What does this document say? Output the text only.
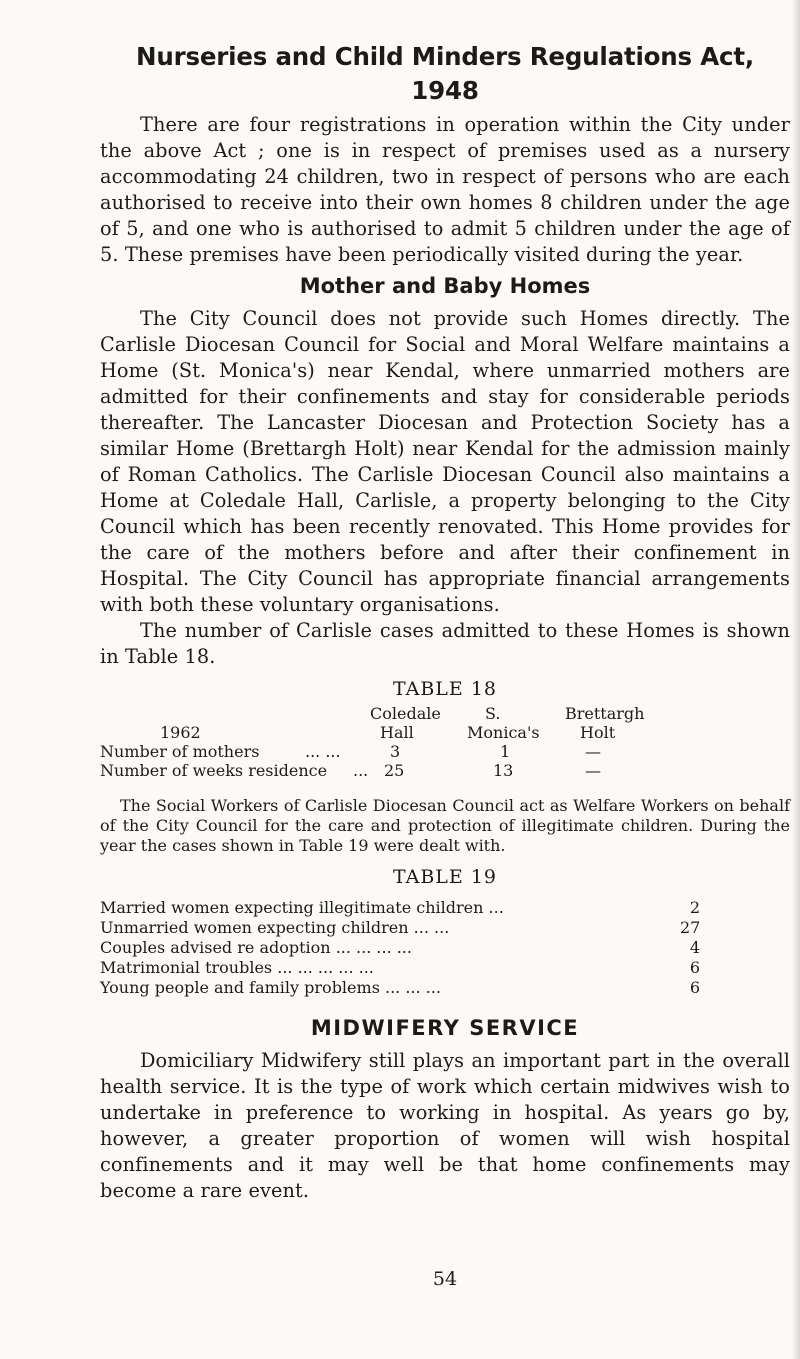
Nurseries and Child Minders Regulations Act, 1948

There are four registrations in operation within the City under the above Act ; one is in respect of premises used as a nursery accommodating 24 children, two in respect of persons who are each authorised to receive into their own homes 8 children under the age of 5, and one who is authorised to admit 5 children under the age of 5. These premises have been periodically visited during the year.

Mother and Baby Homes

The City Council does not provide such Homes directly. The Carlisle Diocesan Council for Social and Moral Welfare maintains a Home (St. Monica's) near Kendal, where unmarried mothers are admitted for their confinements and stay for considerable periods thereafter. The Lancaster Diocesan and Protection Society has a similar Home (Brettargh Holt) near Kendal for the admission mainly of Roman Catholics. The Carlisle Diocesan Council also maintains a Home at Coledale Hall, Carlisle, a property belonging to the City Council which has been recently renovated. This Home provides for the care of the mothers before and after their confinement in Hospital. The City Council has appropriate financial arrangements with both these voluntary organisations.

The number of Carlisle cases admitted to these Homes is shown in Table 18.

TABLE 18
Coledale	S.	Brettargh
1962	Hall	Monica's	Holt
Number of mothers	... ...	3	1	—
Number of weeks residence ... 25	13	—

The Social Workers of Carlisle Diocesan Council act as Welfare Workers on behalf of the City Council for the care and protection of illegitimate children. During the year the cases shown in Table 19 were dealt with.

TABLE 19
Married women expecting illegitimate children ...	2
Unmarried women expecting children ... ...	27
Couples advised re adoption ... ... ... ...	4
Matrimonial troubles ... ... ... ... ...	6
Young people and family problems ... ... ...	6
MIDWIFERY SERVICE

Domiciliary Midwifery still plays an important part in the overall health service. It is the type of work which certain midwives wish to undertake in preference to working in hospital. As years go by, however, a greater proportion of women will wish hospital confinements and it may well be that home confinements may become a rare event.

54
